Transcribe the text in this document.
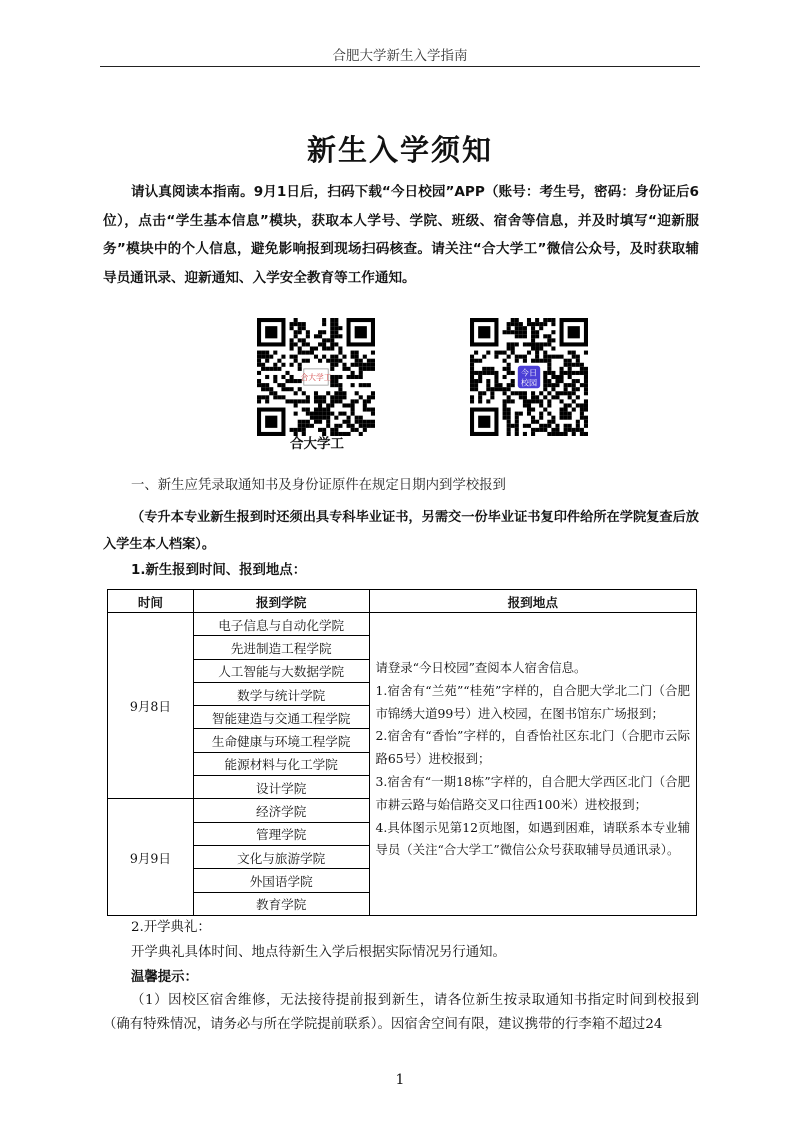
合肥大学新生入学指南
新生入学须知
请认真阅读本指南。9月1日后，扫码下载“今日校园”APP（账号：考生号，密码：身份证后6位），点击“学生基本信息”模块，获取本人学号、学院、班级、宿舍等信息，并及时填写“迎新服务”模块中的个人信息，避免影响报到现场扫码核查。请关注“合大学工”微信公众号，及时获取辅导员通讯录、迎新通知、入学安全教育等工作通知。
合大学工	今日
校园
合大学工
一、新生应凭录取通知书及身份证原件在规定日期内到学校报到
（专升本专业新生报到时还须出具专科毕业证书，另需交一份毕业证书复印件给所在学院复查后放入学生本人档案）。
1.新生报到时间、报到地点：
时间	报到学院	报到地点
9月8日	电子信息与自动化学院	请登录“今日校园”查阅本人宿舍信息。

1.宿舍有“兰苑”“桂苑”字样的，自合肥大学北二门（合肥市锦绣大道99号）进入校园，在图书馆东广场报到；

2.宿舍有“香怡”字样的，自香怡社区东北门（合肥市云际路65号）进校报到；

3.宿舍有“一期18栋”字样的，自合肥大学西区北门（合肥市耕云路与始信路交叉口往西100米）进校报到；

4.具体图示见第12页地图，如遇到困难，请联系本专业辅导员（关注“合大学工”微信公众号获取辅导员通讯录）。

	先进制造工程学院	
	人工智能与大数据学院	
	数学与统计学院	
	智能建造与交通工程学院	
	生命健康与环境工程学院	
	能源材料与化工学院	
	设计学院	
9月9日	经济学院	
	管理学院	
	文化与旅游学院	
	外国语学院	
	教育学院	
2.开学典礼：
开学典礼具体时间、地点待新生入学后根据实际情况另行通知。
温馨提示：
（1）因校区宿舍维修，无法接待提前报到新生，请各位新生按录取通知书指定时间到校报到（确有特殊情况，请务必与所在学院提前联系）。因宿舍空间有限，建议携带的行李箱不超过24
1
